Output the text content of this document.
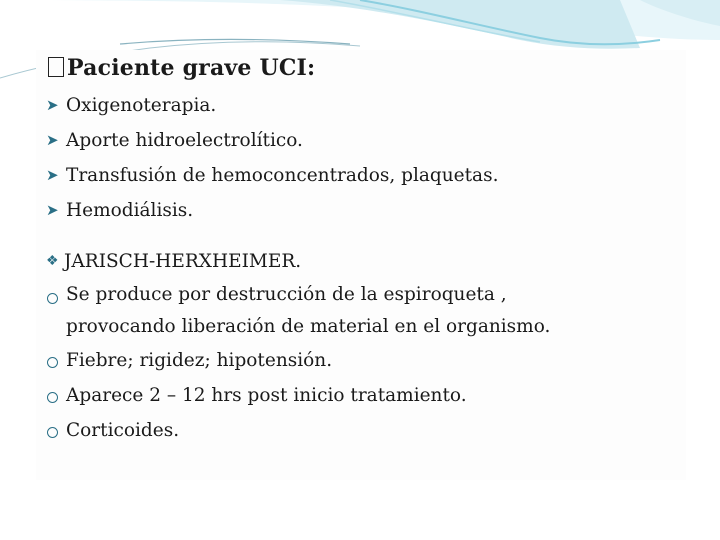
Paciente grave UCI:
➤ Oxigenoterapia.
➤ Aporte hidroelectrolítico.
➤ Transfusión de hemoconcentrados, plaquetas.
➤ Hemodiálisis.
❖ JARISCH-HERXHEIMER.
Se produce por destrucción de la espiroqueta ,
provocando liberación de material en el organismo.
Fiebre; rigidez; hipotensión.
Aparece 2 – 12 hrs post inicio tratamiento.
Corticoides.
